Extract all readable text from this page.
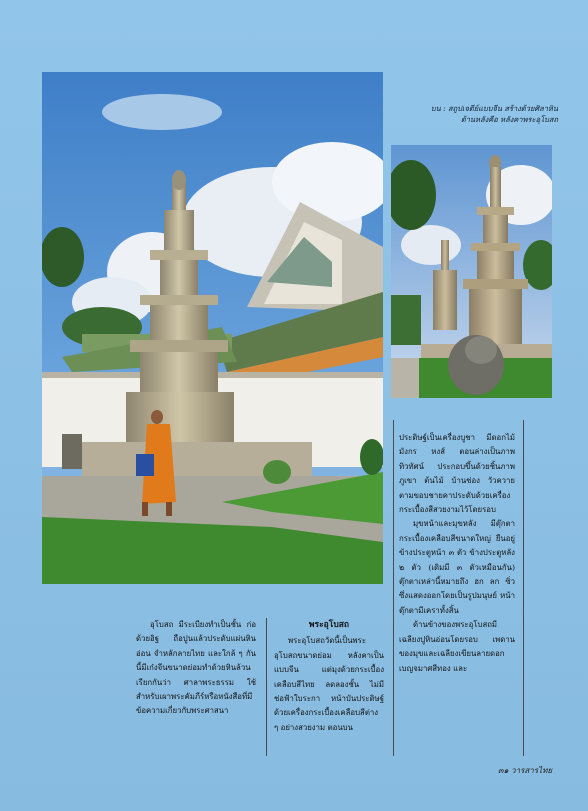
บน : สถูปเจดีย์แบบจีน สร้างด้วยศิลาหิน
ด้านหลังคือ หลังคาพระอุโบสถ

อุโบสถ มีระเบียงทำเป็นชั้น ก่อด้วยอิฐ ถือปูนแล้วประดับแผ่นหินอ่อน จำหลักลายไทย และใกล้ ๆ กันนี้มีเก๋งจีนขนาดย่อมทำด้วยหินล้วน เรียกกันว่า ศาลาพระธรรม ใช้สำหรับเผาพระคัมภีร์หรือหนังสือที่มีข้อความเกี่ยวกับพระศาสนา

พระอุโบสถ

พระอุโบสถวัดนี้เป็นพระอุโบสถขนาดย่อม หลังคาเป็นแบบจีน แต่มุงด้วยกระเบื้องเคลือบสีไทย ลดลองชั้น ไม่มีช่อฟ้าใบระกา หน้าบันประดิษฐ์ด้วยเครื่องกระเบื้องเคลือบสีต่าง ๆ อย่างสวยงาม ตอนบน

ประดิษฐ์เป็นเครื่องบูชา มีดอกไม้ มังกร หงส์ ตอนล่างเป็นภาพทิวทัศน์ ประกอบขึ้นด้วยชิ้นภาพภูเขา ต้นไม้ บ้านช่อง วัวควาย ตามขอบชายคาประดับด้วยเครื่องกระเบื้องสีสวยงามไว้โดยรอบ

มุขหน้าและมุขหลัง มีตุ๊กตากระเบื้องเคลือบสีขนาดใหญ่ ยืนอยู่ข้างประตูหน้า ๓ ตัว ข้างประตูหลัง ๒ ตัว (เดิมมี ๓ ตัวเหมือนกัน) ตุ๊กตาเหล่านี้หมายถึง ฮก ลก ซิ่ว ซึ่งแสดงออกโดยเป็นรูปมนุษย์ หน้าตุ๊กตามีเคราทั้งสิ้น

ด้านข้างของพระอุโบสถมีเฉลียงปูหินอ่อนโดยรอบ เพดานของมุขและเฉลียงเขียนลายดอกเบญจมาศสีทอง และ

๓๑ วารสารไทย
